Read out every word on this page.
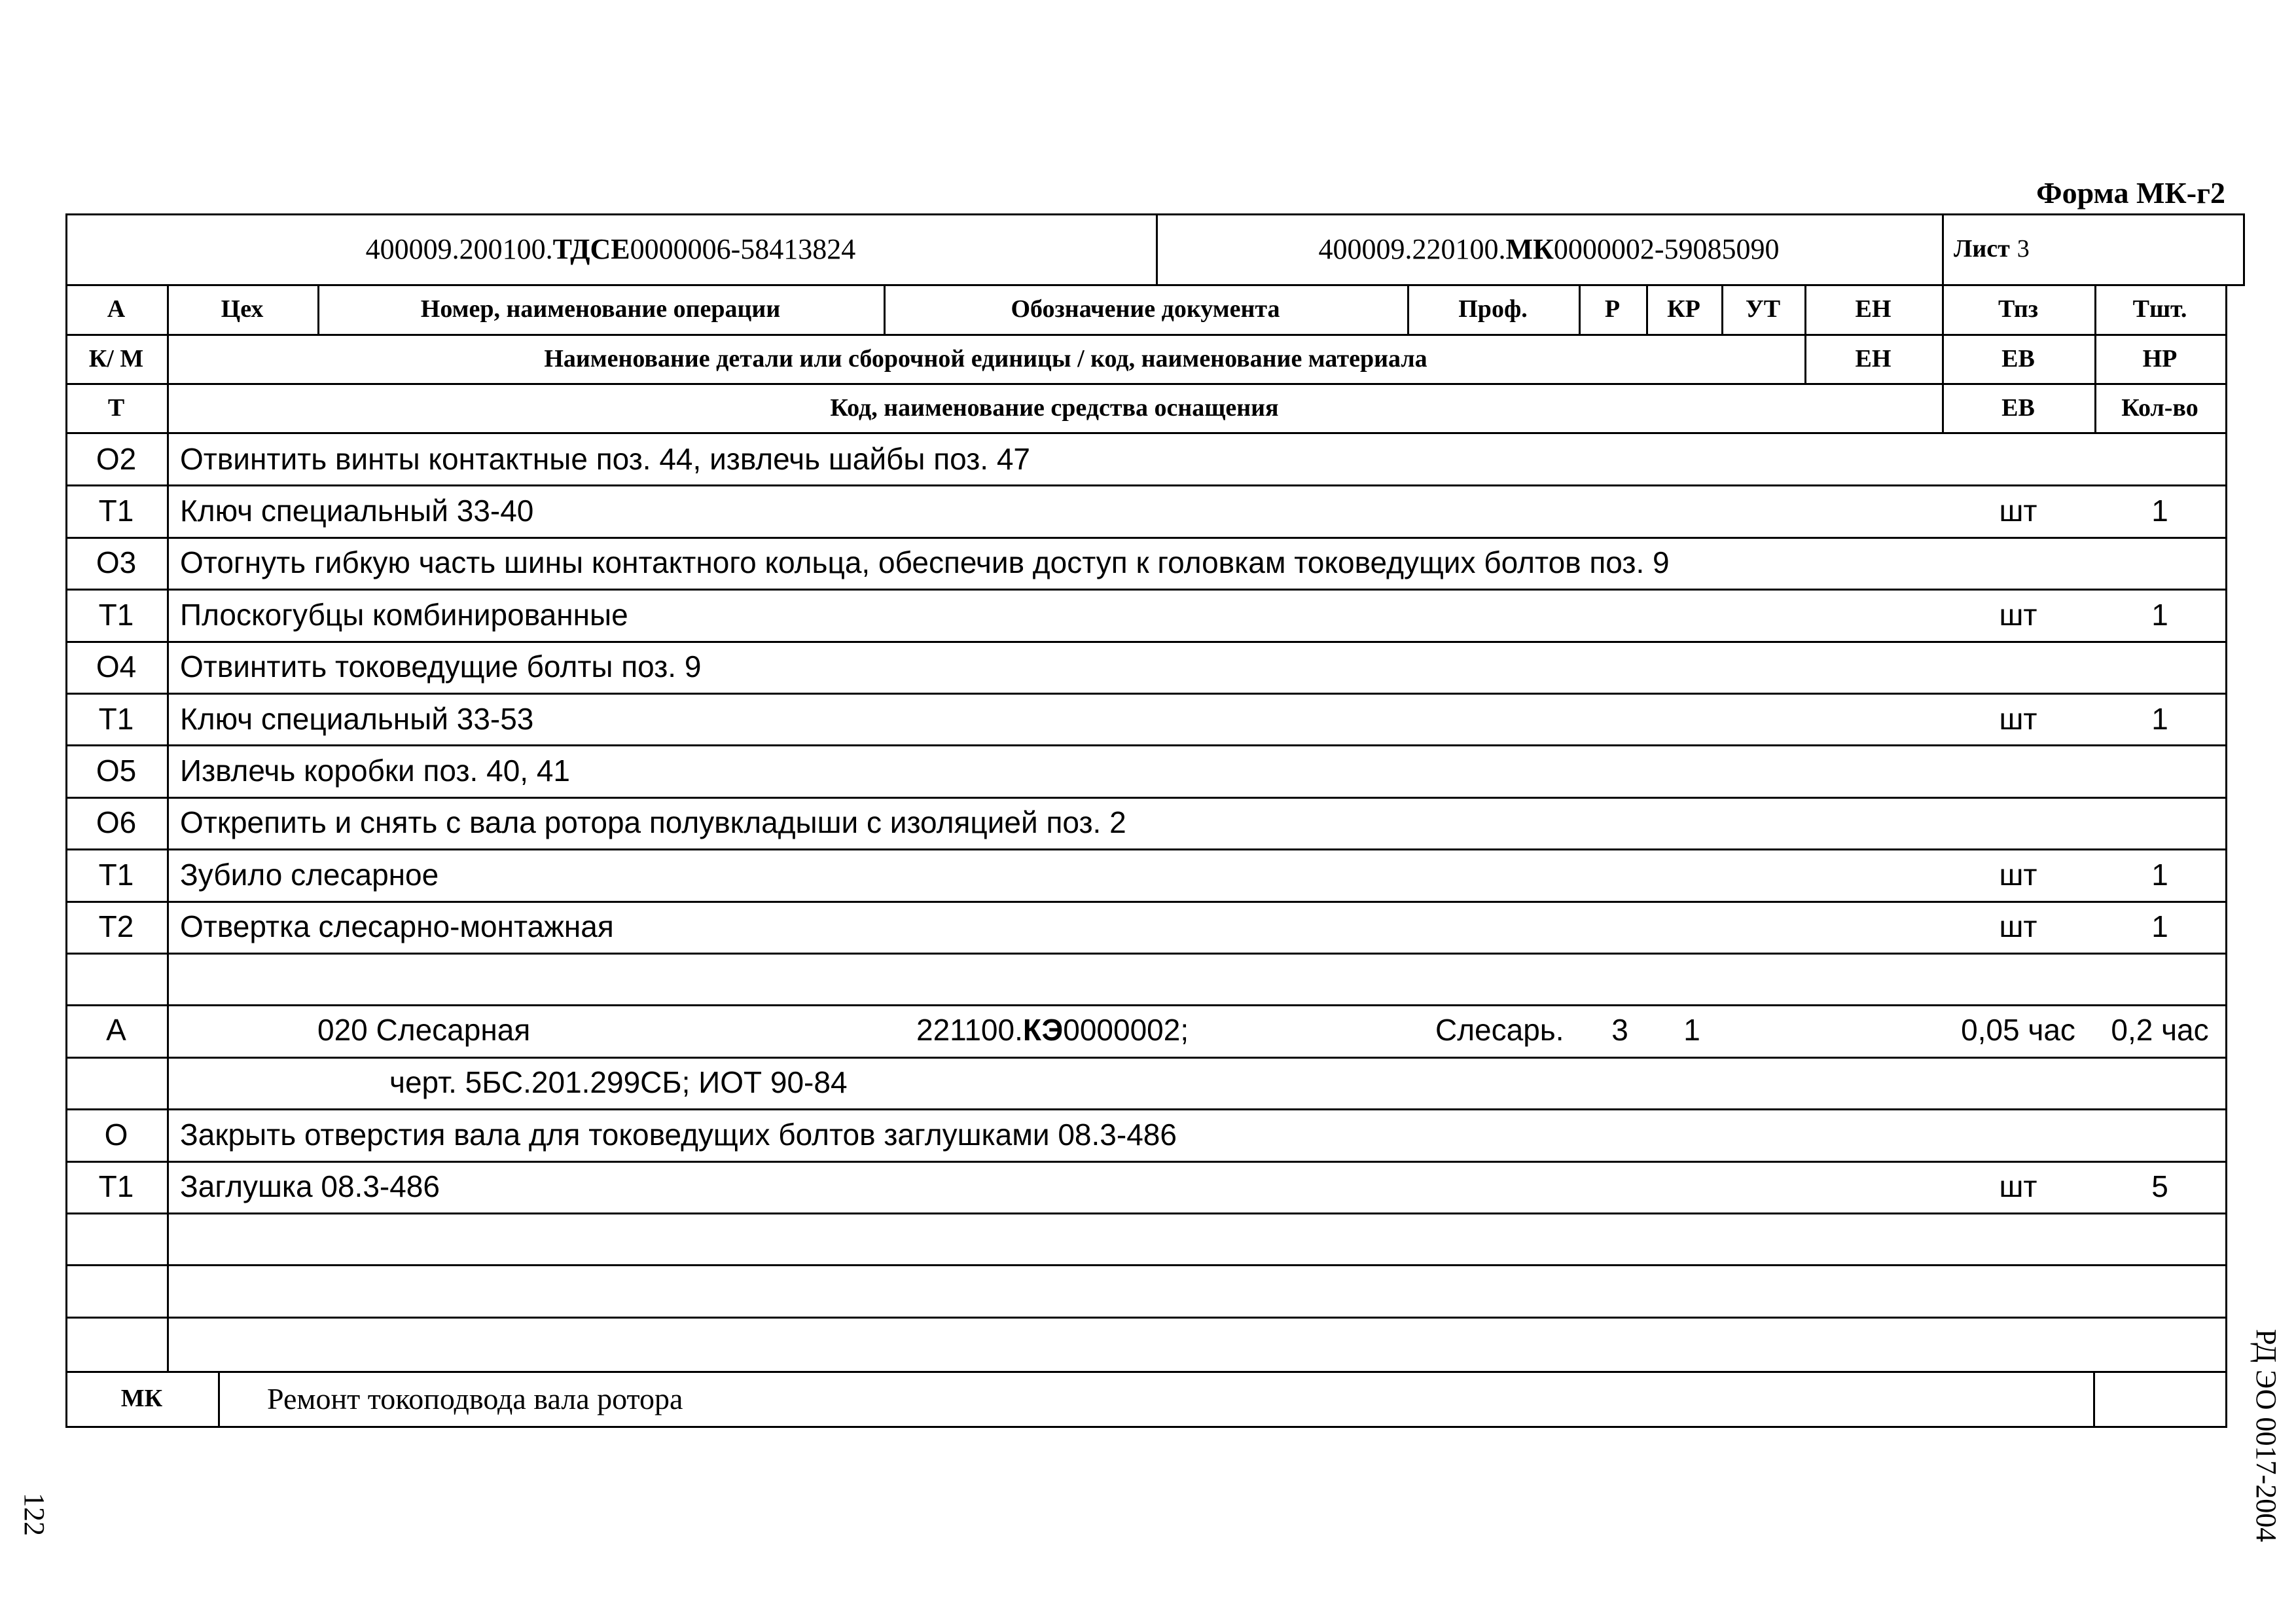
Форма МК-г2
400009.200100. ТДСЕ 0000006-58413824	400009.220100. МК 0000002-59085090	Лист
3
А	Цех	Номер, наименование операции	Обозначение документа	Проф.	Р	КР	УТ	ЕН	Тпз	Тшт.
К/ М	Наименование детали или сборочной единицы / код, наименование материала	ЕН	ЕВ	НР
Т	Код, наименование средства оснащения	ЕВ	Кол-во
О2	Отвинтить винты контактные поз. 44, извлечь шайбы поз. 47
Т1	Ключ специальный 33-40	шт	1
О3	Отогнуть гибкую часть шины контактного кольца, обеспечив доступ к головкам токоведущих болтов поз. 9
Т1	Плоскогубцы комбинированные	шт	1
О4	Отвинтить токоведущие болты поз. 9
Т1	Ключ специальный 33-53	шт	1
О5	Извлечь коробки поз. 40, 41
О6	Открепить и снять с вала ротора полувкладыши с изоляцией поз. 2
Т1	Зубило слесарное	шт	1
Т2	Отвертка слесарно-монтажная	шт	1
О	Закрыть отверстия вала для токоведущих болтов заглушками 08.3-486
Т1	Заглушка 08.3-486	шт	5
А	020 Слесарная	221100. КЭ 0000002;	Слесарь.	3	1	0,05 час	0,2 час
черт. 5БС.201.299СБ; ИОТ 90-84
МК	Ремонт токоподвода вала ротора	РД ЭО 0017-2004
122
